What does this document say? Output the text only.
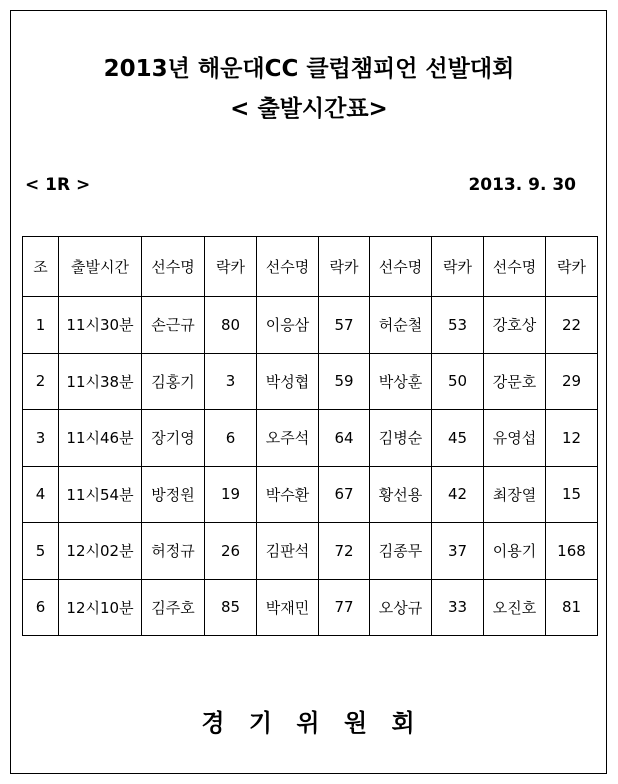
2013년 해운대CC 클럽챔피언 선발대회
< 출발시간표>
< 1R >	2013. 9. 30
조	출발시간	선수명	락카	선수명	락카	선수명	락카	선수명	락카
1	11시30분	손근규	80	이응삼	57	허순철	53	강호상	22
2	11시38분	김홍기	3	박성협	59	박상훈	50	강문호	29
3	11시46분	장기영	6	오주석	64	김병순	45	유영섭	12
4	11시54분	방정원	19	박수환	67	황선용	42	최장열	15
5	12시02분	허정규	26	김판석	72	김종무	37	이용기	168
6	12시10분	김주호	85	박재민	77	오상규	33	오진호	81
경 기 위 원 회
